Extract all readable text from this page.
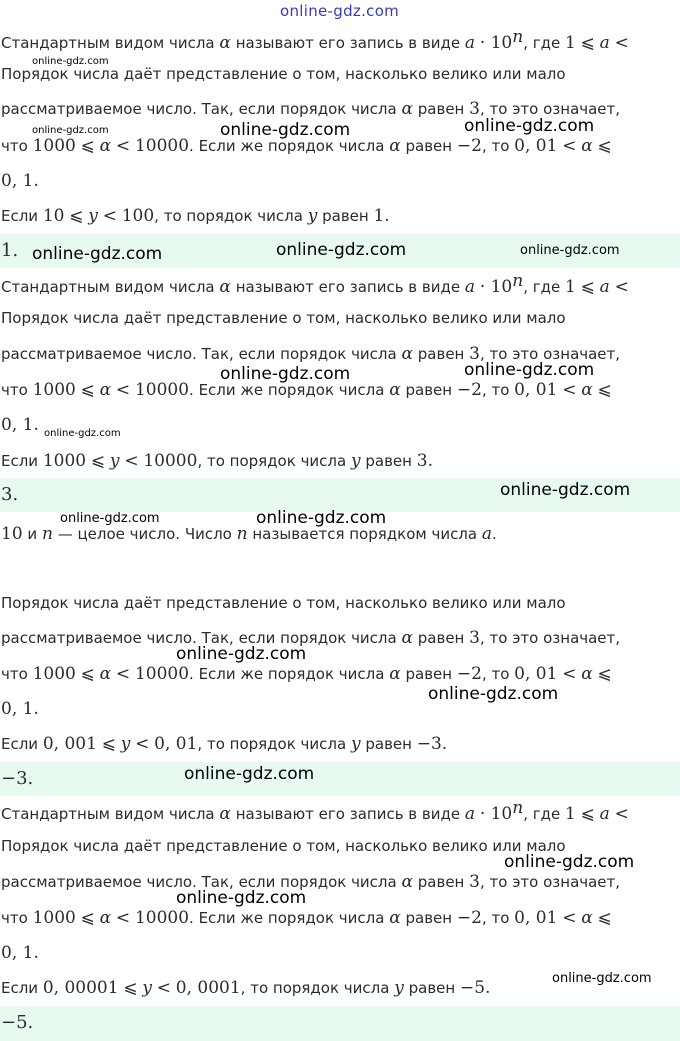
online-gdz.com
Стандартным видом числа α называют его запись в виде $a \cdot 10^n$, где 1 ⩽ a <
Порядок числа даёт представление о том, насколько велико или мало
рассматриваемое число. Так, если порядок числа α равен 3, то это означает,
что 1000 ⩽ α < 10000. Если же порядок числа α равен −2, то 0, 01 < α ⩽
0, 1.
Если 10 ⩽ y < 100, то порядок числа y равен 1.
1.
Стандартным видом числа α называют его запись в виде $a \cdot 10^n$, где 1 ⩽ a <
Порядок числа даёт представление о том, насколько велико или мало
рассматриваемое число. Так, если порядок числа α равен 3, то это означает,
что 1000 ⩽ α < 10000. Если же порядок числа α равен −2, то 0, 01 < α ⩽
0, 1.
Если 1000 ⩽ y < 10000, то порядок числа y равен 3.
3.
10 и n — целое число. Число n называется порядком числа a.
Порядок числа даёт представление о том, насколько велико или мало
рассматриваемое число. Так, если порядок числа α равен 3, то это означает,
что 1000 ⩽ α < 10000. Если же порядок числа α равен −2, то 0, 01 < α ⩽
0, 1.
Если 0, 001 ⩽ y < 0, 01, то порядок числа y равен −3.
−3.
Стандартным видом числа α называют его запись в виде $a \cdot 10^n$, где 1 ⩽ a <
Порядок числа даёт представление о том, насколько велико или мало
рассматриваемое число. Так, если порядок числа α равен 3, то это означает,
что 1000 ⩽ α < 10000. Если же порядок числа α равен −2, то 0, 01 < α ⩽
0, 1.
Если 0, 00001 ⩽ y < 0, 0001, то порядок числа y равен −5.
−5.
online-gdz.com
online-gdz.com	online-gdz.com	online-gdz.com
online-gdz.com	online-gdz.com	online-gdz.com
online-gdz.com	online-gdz.com
online-gdz.com
online-gdz.com
online-gdz.com	online-gdz.com
online-gdz.com
online-gdz.com
online-gdz.com
online-gdz.com
online-gdz.com
online-gdz.com
